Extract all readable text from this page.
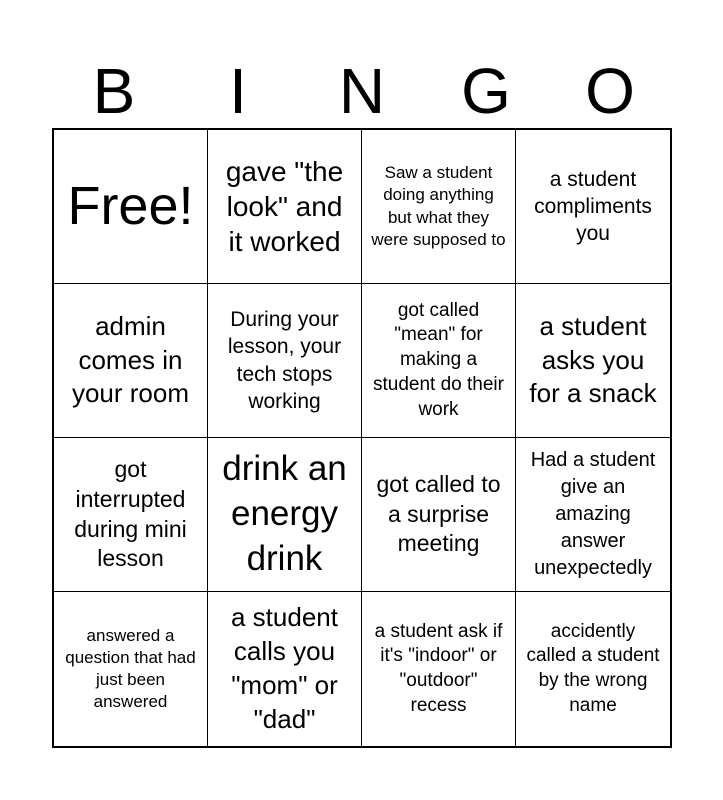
B	I	N	G	O
Free!
gave "the look" and it worked
Saw a student doing anything but what they were supposed to
a student compliments you
admin comes in your room
During your lesson, your tech stops working
got called "mean" for making a student do their work
a student asks you for a snack
got interrupted during mini lesson
drink an energy drink
got called to a surprise meeting
Had a student give an amazing answer unexpectedly
answered a question that had just been answered
a student calls you "mom" or "dad"
a student ask if it's "indoor" or "outdoor" recess
accidently called a student by the wrong name
